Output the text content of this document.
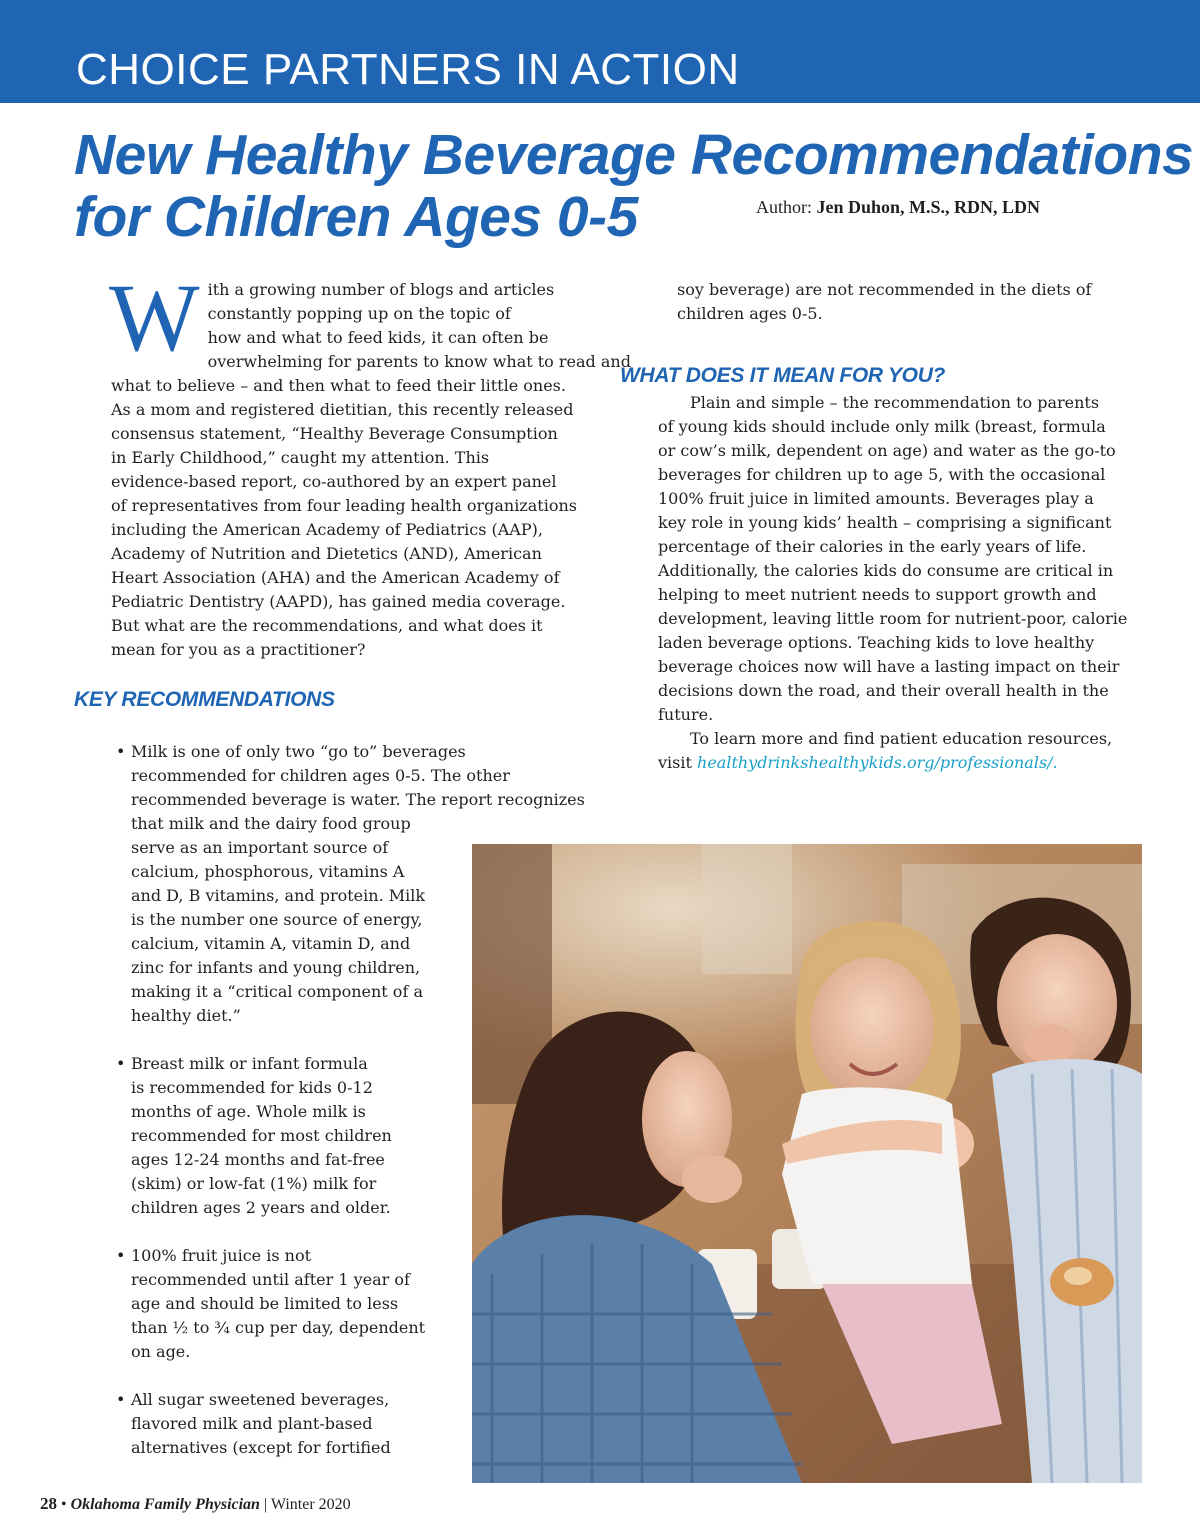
CHOICE PARTNERS IN ACTION
New Healthy Beverage Recommendations
for Children Ages 0-5	Author: Jen Duhon, M.S., RDN, LDN
W ith a growing number of blogs and articles
constantly popping up on the topic of
how and what to feed kids, it can often be
overwhelming for parents to know what to read and
what to believe – and then what to feed their little ones.
As a mom and registered dietitian, this recently released
consensus statement, “Healthy Beverage Consumption
in Early Childhood,” caught my attention. This
evidence-based report, co-authored by an expert panel
of representatives from four leading health organizations
including the American Academy of Pediatrics (AAP),
Academy of Nutrition and Dietetics (AND), American
Heart Association (AHA) and the American Academy of
Pediatric Dentistry (AAPD), has gained media coverage.
But what are the recommendations, and what does it
mean for you as a practitioner?
KEY RECOMMENDATIONS
• Milk is one of only two “go to” beverages
recommended for children ages 0-5. The other
recommended beverage is water. The report recognizes
that milk and the dairy food group
serve as an important source of
calcium, phosphorous, vitamins A
and D, B vitamins, and protein. Milk
is the number one source of energy,
calcium, vitamin A, vitamin D, and
zinc for infants and young children,
making it a “critical component of a
healthy diet.”
• Breast milk or infant formula
is recommended for kids 0-12
months of age. Whole milk is
recommended for most children
ages 12-24 months and fat-free
(skim) or low-fat (1%) milk for
children ages 2 years and older.
• 100% fruit juice is not
recommended until after 1 year of
age and should be limited to less
than ½ to ¾ cup per day, dependent
on age.
• All sugar sweetened beverages,
flavored milk and plant-based
alternatives (except for fortified
soy beverage) are not recommended in the diets of
children ages 0-5.
WHAT DOES IT MEAN FOR YOU?
Plain and simple – the recommendation to parents
of young kids should include only milk (breast, formula
or cow’s milk, dependent on age) and water as the go-to
beverages for children up to age 5, with the occasional
100% fruit juice in limited amounts. Beverages play a
key role in young kids’ health – comprising a significant
percentage of their calories in the early years of life.
Additionally, the calories kids do consume are critical in
helping to meet nutrient needs to support growth and
development, leaving little room for nutrient-poor, calorie
laden beverage options. Teaching kids to love healthy
beverage choices now will have a lasting impact on their
decisions down the road, and their overall health in the
future.
To learn more and find patient education resources,
visit healthydrinkshealthykids.org/professionals/.
28 • Oklahoma Family Physician | Winter 2020
